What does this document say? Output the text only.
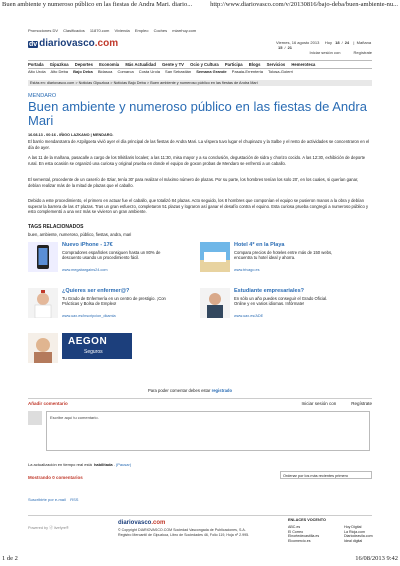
Buen ambiente y numeroso público en las fiestas de Andra Mari. diario...	http://www.diariovasco.com/v/20130816/bajo-deba/buen-ambiente-nu...
Promociones DV Clasificados 11870.com Vivienda Empleo Coches miarrhuy.com
dv diariovasco.com	Viernes, 16 agosto 2013 Hoy 18 / 24  |  Mañana 15 / 21
Iniciar sesión con	Regístrate
Portada Gipuzkoa Deportes Economía Más Actualidad Gente y TV Ocio y Cultura Participa Blogs Servicios Hemeroteca
Alto Urola Alto Deba Bajo Deba Bidasoa Comarca Costa Urola San Sebastián Semana Grande Pasaia-Errenteria Tolosa-Goierri
Estás en: diariovasco.com > Noticias Gipuzkoa > Noticias Bajo Deba > Buen ambiente y numeroso público en las fiestas de Andra Mari
MENDARO
Buen ambiente y numeroso público en las fiestas de Andra Mari
16.08.13 - 00:16 - IÑIGO LAZKANO | MENDARO.
El barrio mendarotarra de Azpilgoeta vivió ayer el día principal de las fiestas de Andra Mari. La víspera tuvo lugar el chupinazo y la Salbe y el resto de actividades se concentraron en el día de ayer.
A las 11 de la mañana, pasacalle a cargo de los trikitilaris locales; a las 11:30, misa mayor y a su conclusión, degustación de sidra y chorizo cocido. A las 12:30, exhibición de deporte rural. En esta ocasión se organizó una curiosa y original prueba en donde el equipo de goxon probas de Mendaro se enfrentó a un caballo.
El semental, procedente de un caserío de Itziar, tenía 30' para realizar el máximo número de plazas. Por su parte, los hombres tenían los solo 20', en los cuales, si querían ganar, debían realizar más de la mitad de plazas que el caballo.
Debido a este procedimiento, el primero en actuar fue el caballo, que totalizó 84 plazas. Acto seguido, los 8 hombres que componían el equipo se pusieron manos a la obra y debían superar la barrera de las 47 plazas. Tras un gran esfuerzo, completaron 51 plazas y lograron así ganar el desafío contra el equino. Esta curiosa prueba congregó a numeroso público y esto complementó a una vez más se vivieron un gran ambiente.
TAGS RELACIONADOS
buen, ambiente, numeroso, público, fiestas, andra, mari
Nuevo iPhone - 17€
Compradores españoles consiguen hasta un 80% de descuento usando un procedimiento fácil.
www.megabargains24.com
Hotel 4* en la Playa
Compara precios de hoteles entre más de 150 webs, encuentra tu hotel ideal y ahorra.
www.trivago.es
¿Quieres ser enfermer@?
Tu Grado de Enfermería en un centro de prestigio. ¡Con Prácticas y Bolsa de Empleo!
www.uax.es/inscripcion_dkamla
Estudiante empresariales?
En sólo un año puedes conseguir el Grado Oficial. Online y en varios idiomas. Infórmate!
www.uax.es/ADE
AEGON
Seguros
Para poder comentar debes estar registrado
Añadir comentario	Iniciar sesión con	Regístrate
Escribe aquí tu comentario.
La actualización en tiempo real está habilitada. (Pausar)
Mostrando 0 comentarios	Ordenar por los más recientes primero
Suscribirte por e-mail RSS
Powered by ⓓ livefyre®
diariovasco.com
© Copyright DIARIOVASCO.COM Sociedad Vascongada de Publicaciones, S.A. Registro Mercantil de Gipuzkoa, Libro de Sociedades 46, Folio 119, Hoja nº 2.995.
ENLACES VOCENTO
ABC.es
El Correo
Elnortedecastilla.es
Elcomercio.es
Hoy Digital
La Rioja.com
Diariodeavila.com
Ideal digital
1 de 2	16/08/2013 9:42
